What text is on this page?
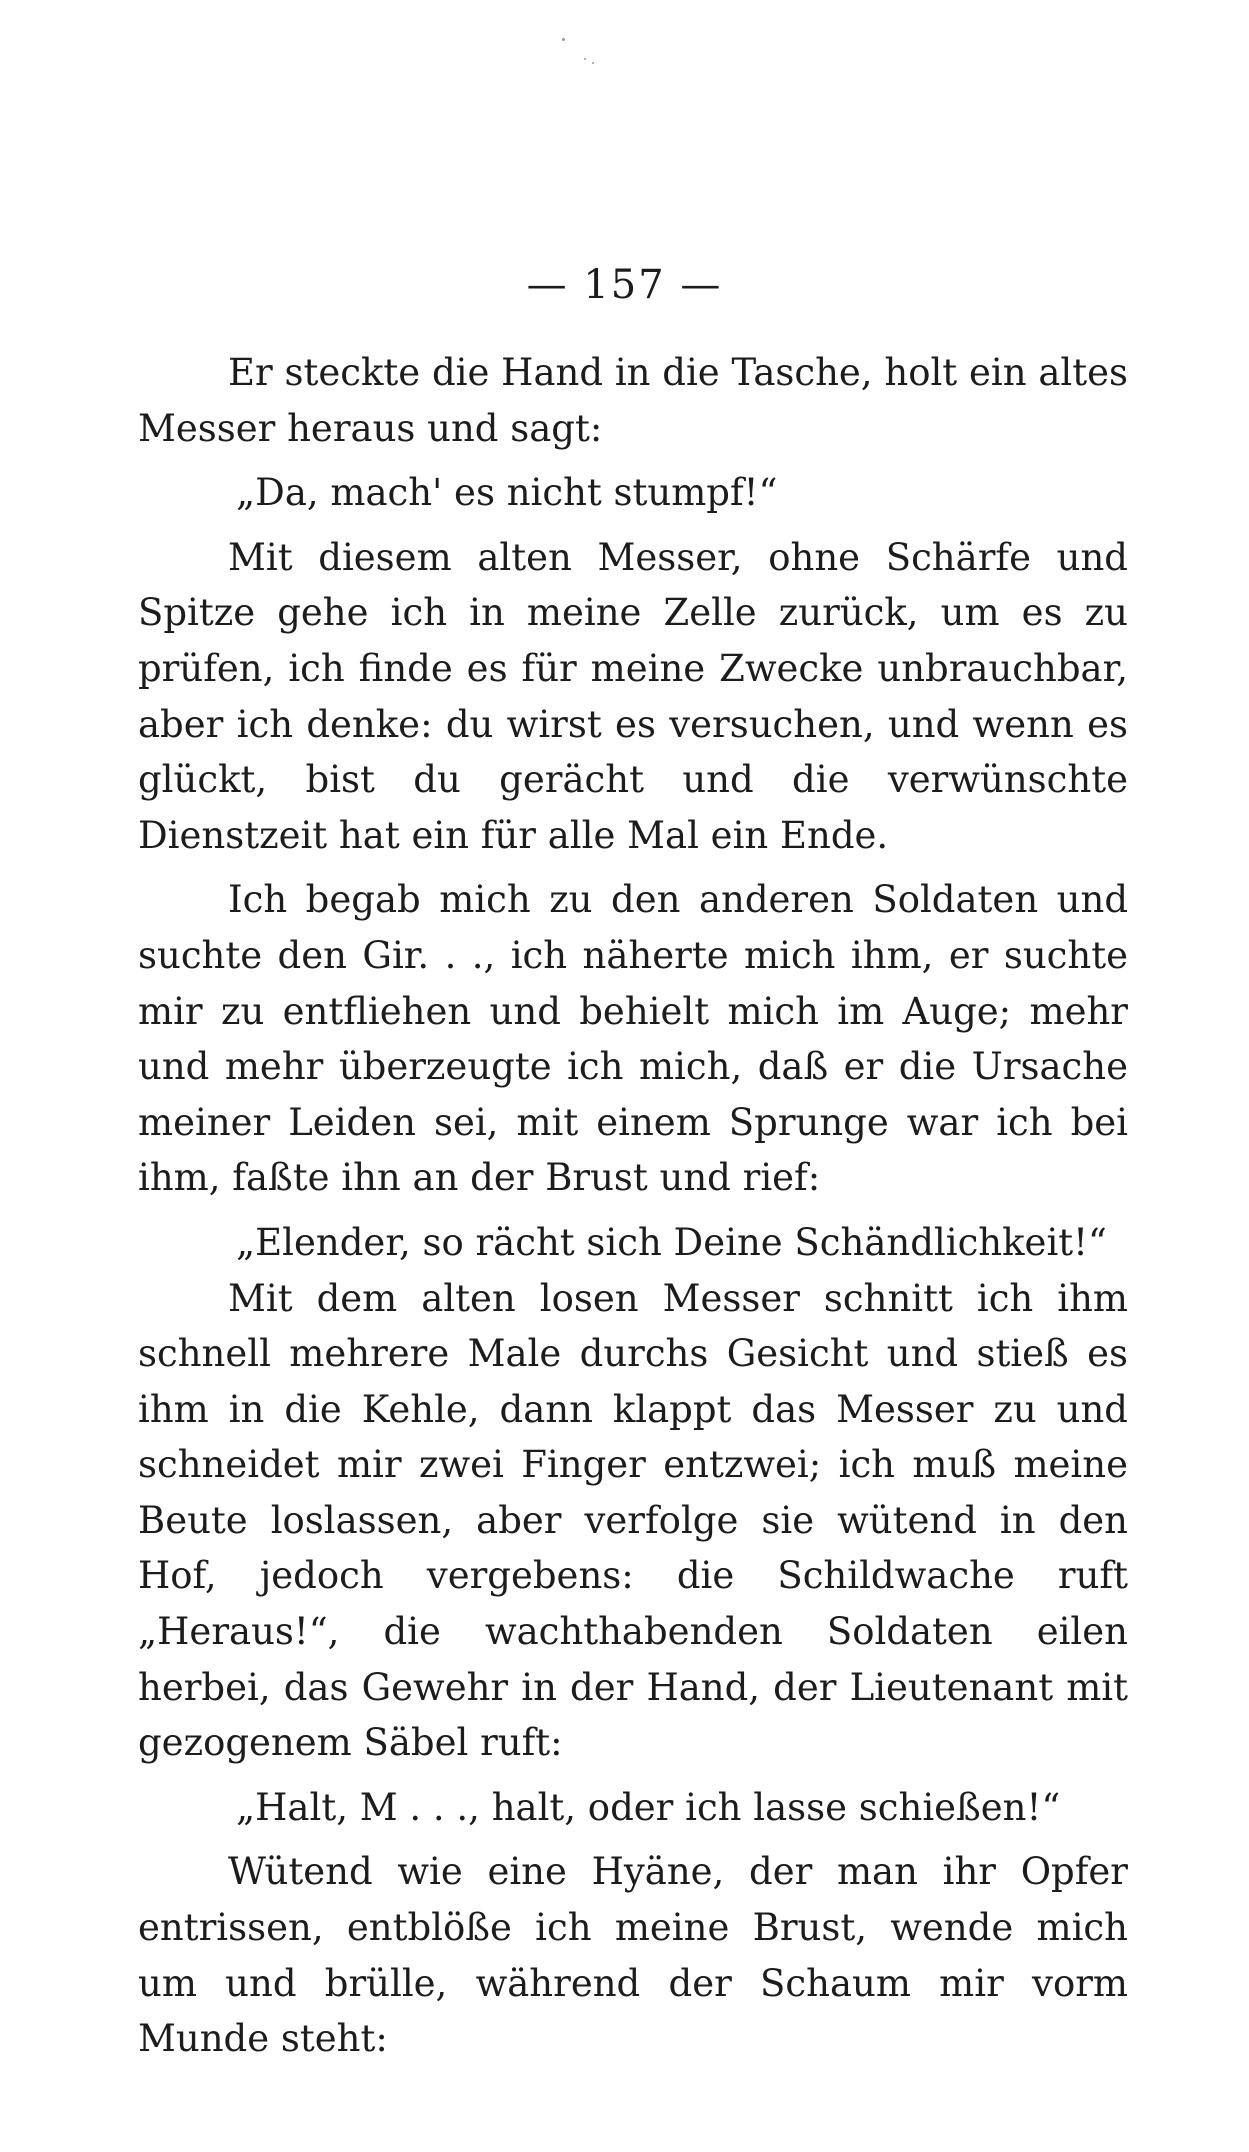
— 157 —

Er steckte die Hand in die Tasche, holt ein altes Messer heraus und sagt:

„Da, mach' es nicht stumpf!“

Mit diesem alten Messer, ohne Schärfe und Spitze gehe ich in meine Zelle zurück, um es zu prüfen, ich finde es für meine Zwecke unbrauchbar, aber ich denke: du wirst es versuchen, und wenn es glückt, bist du gerächt und die verwünschte Dienstzeit hat ein für alle Mal ein Ende.

Ich begab mich zu den anderen Soldaten und suchte den Gir. . ., ich näherte mich ihm, er suchte mir zu entfliehen und behielt mich im Auge; mehr und mehr überzeugte ich mich, daß er die Ursache meiner Leiden sei, mit einem Sprunge war ich bei ihm, faßte ihn an der Brust und rief:

„Elender, so rächt sich Deine Schändlichkeit!“

Mit dem alten losen Messer schnitt ich ihm schnell mehrere Male durchs Gesicht und stieß es ihm in die Kehle, dann klappt das Messer zu und schneidet mir zwei Finger entzwei; ich muß meine Beute loslassen, aber verfolge sie wütend in den Hof, jedoch vergebens: die Schildwache ruft „Heraus!“, die wachthabenden Soldaten eilen herbei, das Gewehr in der Hand, der Lieutenant mit gezogenem Säbel ruft:

„Halt, M . . ., halt, oder ich lasse schießen!“

Wütend wie eine Hyäne, der man ihr Opfer entrissen, entblöße ich meine Brust, wende mich um und brülle, während der Schaum mir vorm Munde steht:
